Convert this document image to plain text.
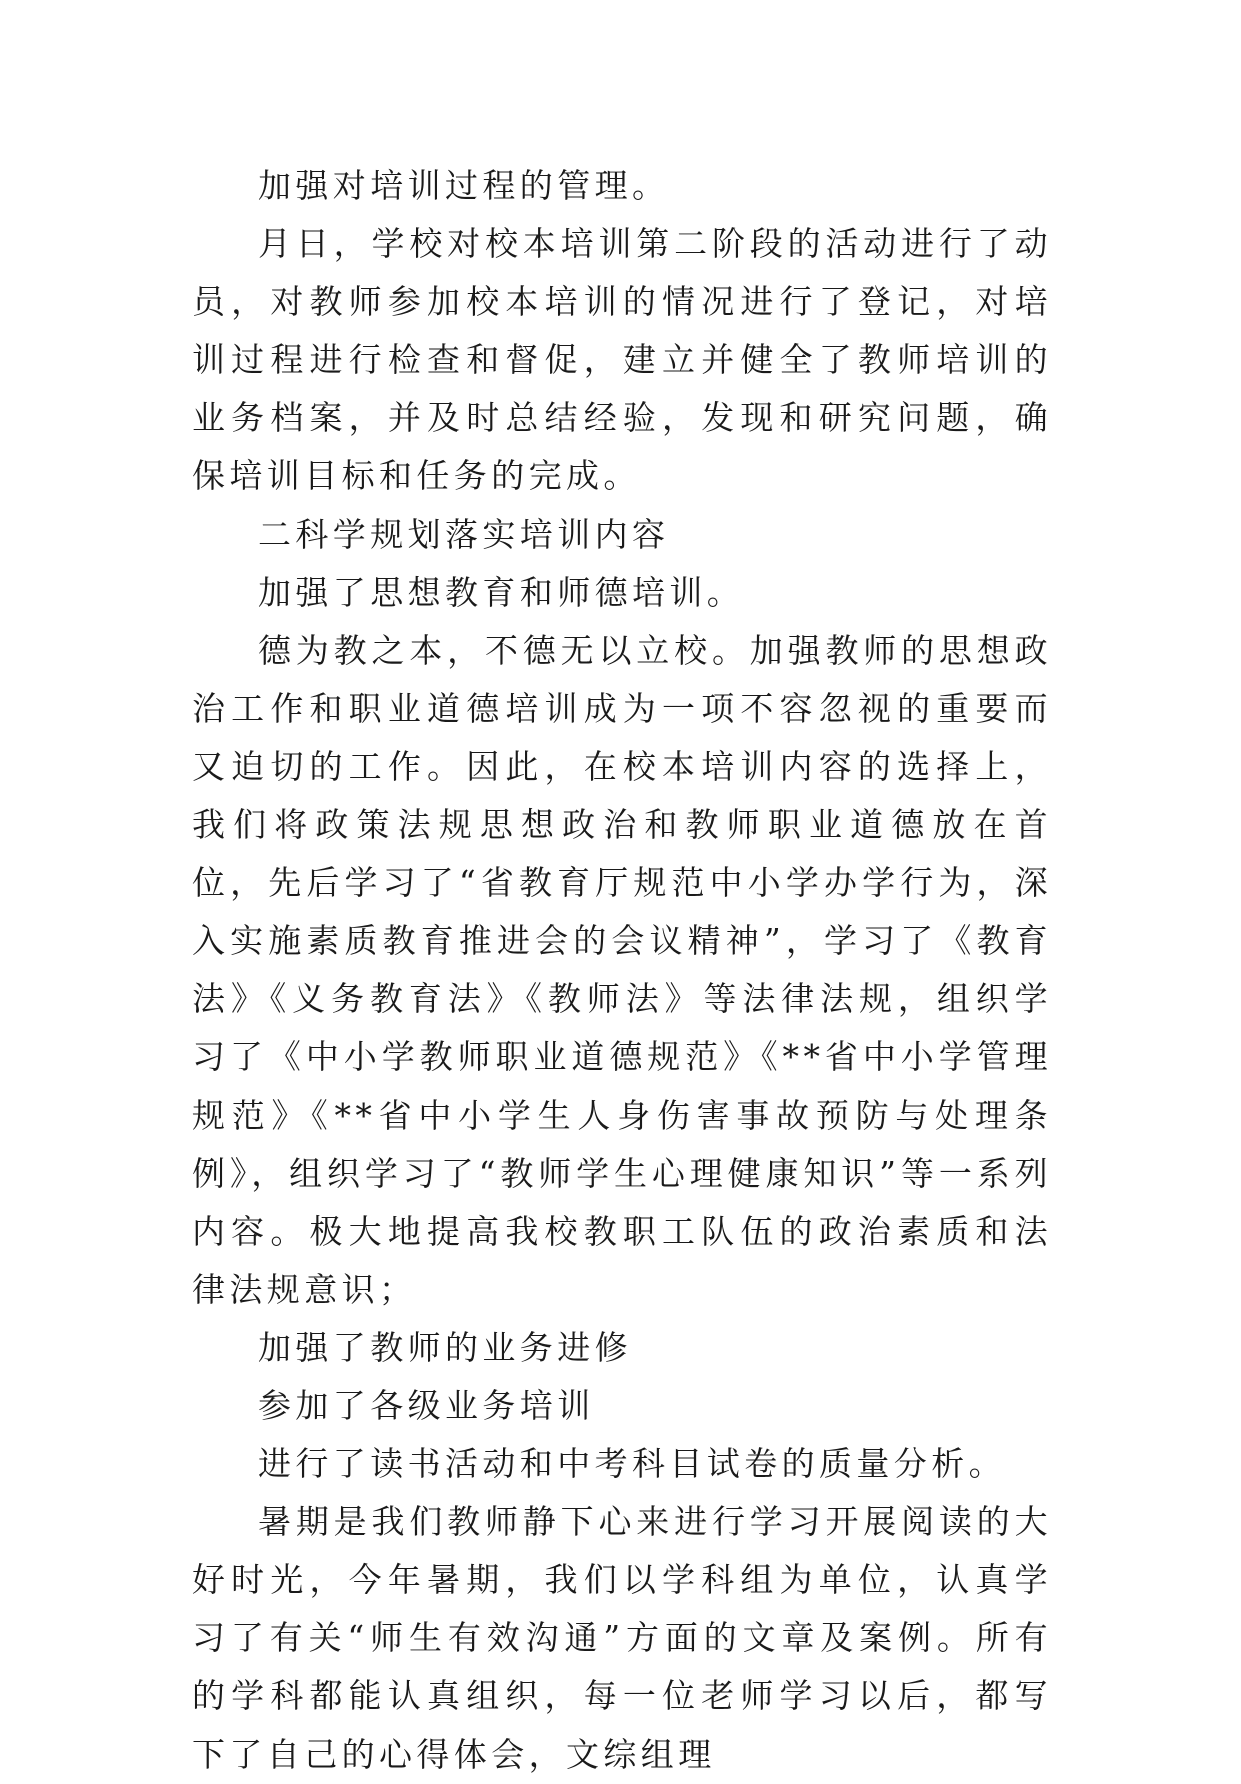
加强对培训过程的管理。

月日，学校对校本培训第二阶段的活动进行了动员，对教师参加校本培训的情况进行了登记，对培训过程进行检查和督促，建立并健全了教师培训的业务档案，并及时总结经验，发现和研究问题，确保培训目标和任务的完成。

二科学规划落实培训内容

加强了思想教育和师德培训。

德为教之本，不德无以立校。加强教师的思想政治工作和职业道德培训成为一项不容忽视的重要而又迫切的工作。因此，在校本培训内容的选择上，我们将政策法规思想政治和教师职业道德放在首位，先后学习了“省教育厅规范中小学办学行为，深入实施素质教育推进会的会议精神”，学习了《教育法》《义务教育法》《教师法》等法律法规，组织学习了《中小学教师职业道德规范》《**省中小学管理规范》《**省中小学生人身伤害事故预防与处理条例》，组织学习了“教师学生心理健康知识”等一系列内容。极大地提高我校教职工队伍的政治素质和法律法规意识；

加强了教师的业务进修

参加了各级业务培训

进行了读书活动和中考科目试卷的质量分析。

暑期是我们教师静下心来进行学习开展阅读的大好时光，今年暑期，我们以学科组为单位，认真学习了有关“师生有效沟通”方面的文章及案例。所有的学科都能认真组织，每一位老师学习以后，都写下了自己的心得体会，文综组理
